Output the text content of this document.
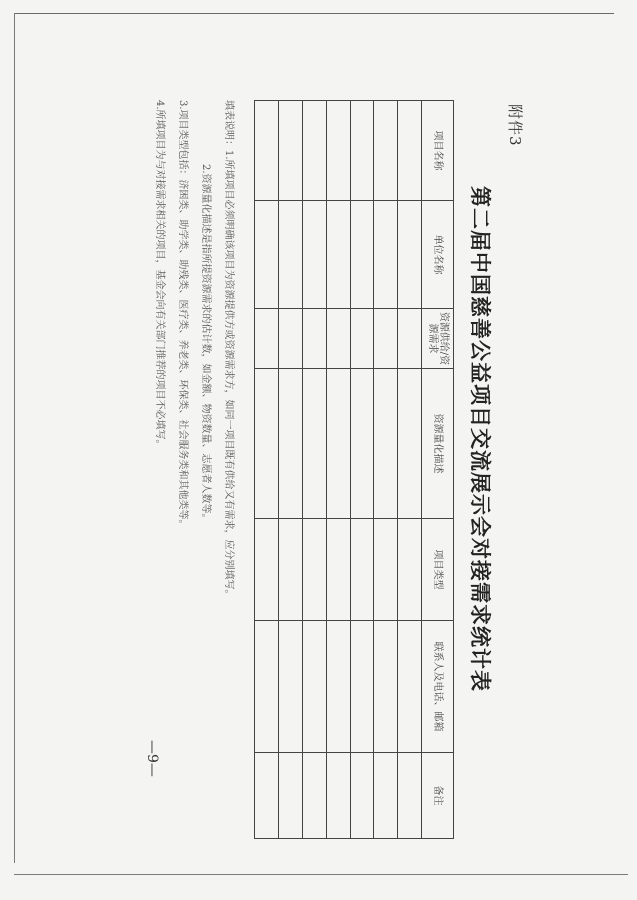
附件3
第二届中国慈善公益项目交流展示会对接需求统计表
项目名称	单位名称	资源供给/资源需求	资源量化描述	项目类型	联系人及电话、邮箱	备注

填表说明：1.所填项目必须明确该项目为资源提供方或资源需求方，如同一项目既有供给又有需求，应分别填写。
2.资源量化描述是指所提资源需求的估计数，如金额、物资数量、志愿者人数等。
3.项目类型包括：济困类、助学类、助残类、医疗类、养老类、环保类、社会服务类和其他类等。
4.所填项目为与对接需求相关的项目，基金会向有关部门推荐的项目不必填写。
—9—
